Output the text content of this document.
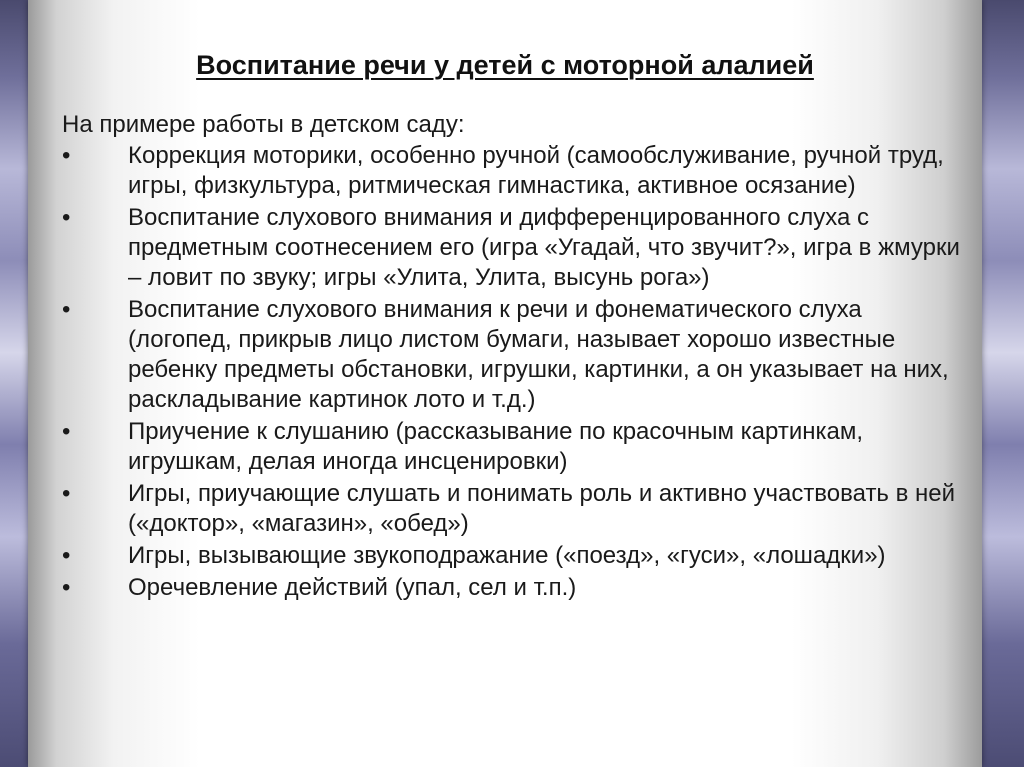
Воспитание речи у детей с моторной алалией

На примере работы в детском саду:

• Коррекция моторики, особенно ручной (самообслуживание, ручной труд, игры, физкультура, ритмическая гимнастика, активное осязание)
• Воспитание слухового внимания и дифференцированного слуха с предметным соотнесением его (игра «Угадай, что звучит?», игра в жмурки – ловит по звуку; игры «Улита, Улита, высунь рога»)
• Воспитание слухового внимания к речи и фонематического слуха (логопед, прикрыв лицо листом бумаги, называет хорошо известные ребенку предметы обстановки, игрушки, картинки, а он указывает на них, раскладывание картинок лото и т.д.)
• Приучение к слушанию (рассказывание по красочным картинкам, игрушкам, делая иногда инсценировки)
• Игры, приучающие слушать и понимать роль и активно участвовать в ней («доктор», «магазин», «обед»)
• Игры, вызывающие звукоподражание («поезд», «гуси», «лошадки»)
• Оречевление действий (упал, сел и т.п.)
